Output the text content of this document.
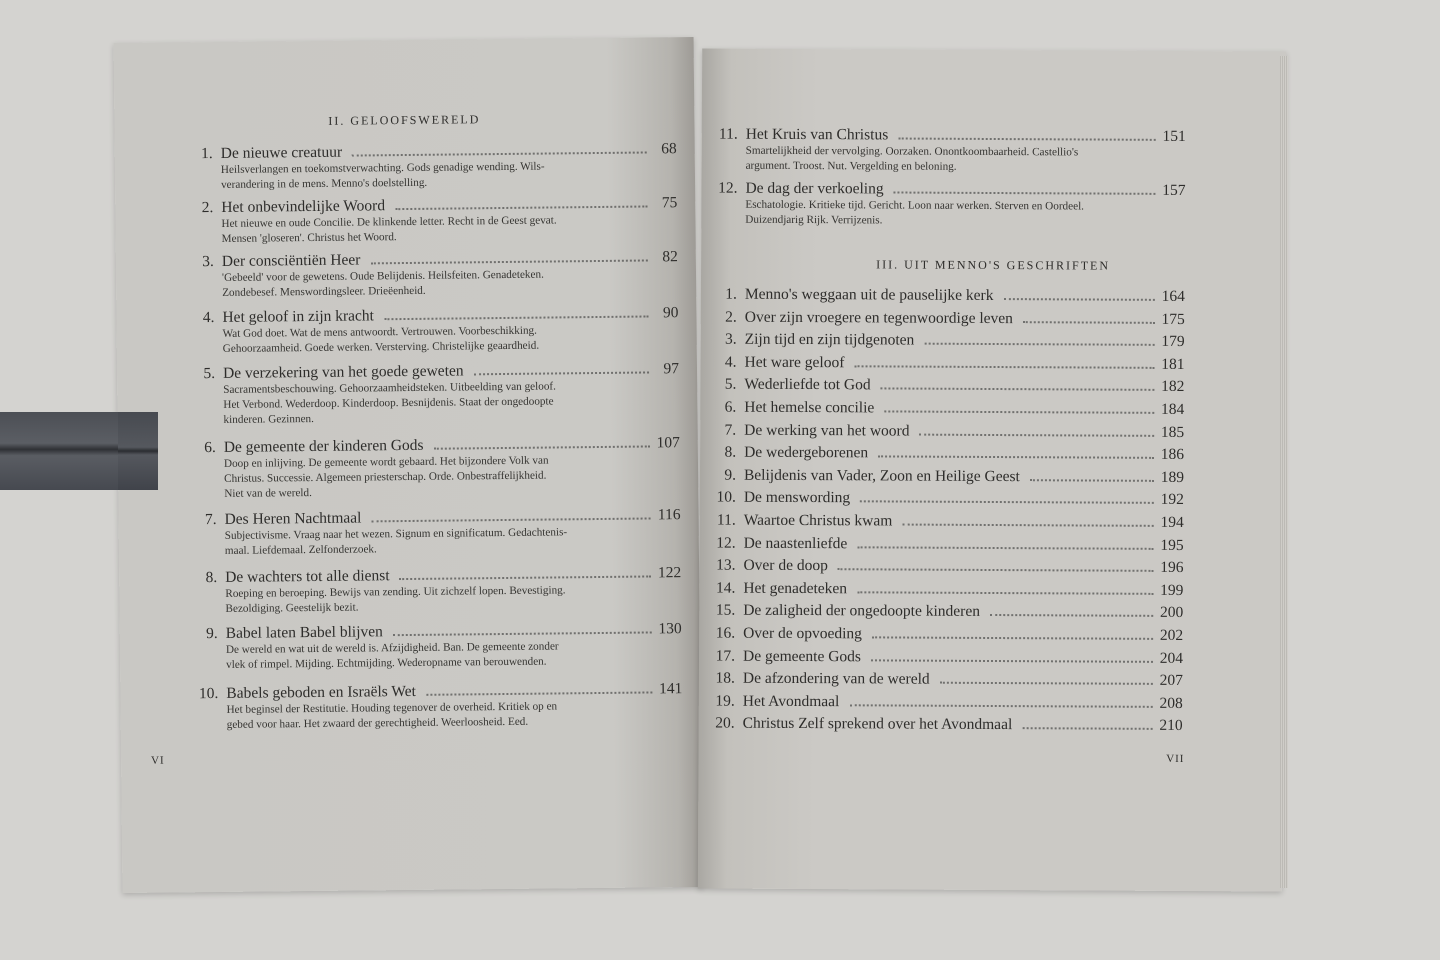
II. GELOOFSWERELD
1. De nieuwe creatuur	68
Heilsverlangen en toekomstverwachting. Gods genadige wending. Wils-
verandering in de mens. Menno's doelstelling.
2. Het onbevindelijke Woord	75
Het nieuwe en oude Concilie. De klinkende letter. Recht in de Geest gevat.
Mensen 'gloseren'. Christus het Woord.
3. Der consciëntiën Heer	82
'Gebeeld' voor de gewetens. Oude Belijdenis. Heilsfeiten. Genadeteken.
Zondebesef. Menswordingsleer. Drieëenheid.
4. Het geloof in zijn kracht	90
Wat God doet. Wat de mens antwoordt. Vertrouwen. Voorbeschikking.
Gehoorzaamheid. Goede werken. Versterving. Christelijke geaardheid.
5. De verzekering van het goede geweten	97
Sacramentsbeschouwing. Gehoorzaamheidsteken. Uitbeelding van geloof.
Het Verbond. Wederdoop. Kinderdoop. Besnijdenis. Staat der ongedoopte
kinderen. Gezinnen.
6. De gemeente der kinderen Gods	107
Doop en inlijving. De gemeente wordt gebaard. Het bijzondere Volk van
Christus. Successie. Algemeen priesterschap. Orde. Onbestraffelijkheid.
Niet van de wereld.
7. Des Heren Nachtmaal	116
Subjectivisme. Vraag naar het wezen. Signum en significatum. Gedachtenis-
maal. Liefdemaal. Zelfonderzoek.
8. De wachters tot alle dienst	122
Roeping en beroeping. Bewijs van zending. Uit zichzelf lopen. Bevestiging.
Bezoldiging. Geestelijk bezit.
9. Babel laten Babel blijven	130
De wereld en wat uit de wereld is. Afzijdigheid. Ban. De gemeente zonder
vlek of rimpel. Mijding. Echtmijding. Wederopname van berouwenden.
10. Babels geboden en Israëls Wet	141
Het beginsel der Restitutie. Houding tegenover de overheid. Kritiek op en
gebed voor haar. Het zwaard der gerechtigheid. Weerloosheid. Eed.
VI
11. Het Kruis van Christus	151
Smartelijkheid der vervolging. Oorzaken. Onontkoombaarheid. Castellio's
argument. Troost. Nut. Vergelding en beloning.
12. De dag der verkoeling	157
Eschatologie. Kritieke tijd. Gericht. Loon naar werken. Sterven en Oordeel.
Duizendjarig Rijk. Verrijzenis.
III. UIT MENNO'S GESCHRIFTEN
1. Menno's weggaan uit de pauselijke kerk	164
2. Over zijn vroegere en tegenwoordige leven	175
3. Zijn tijd en zijn tijdgenoten	179
4. Het ware geloof	181
5. Wederliefde tot God	182
6. Het hemelse concilie	184
7. De werking van het woord	185
8. De wedergeborenen	186
9. Belijdenis van Vader, Zoon en Heilige Geest	189
10. De menswording	192
11. Waartoe Christus kwam	194
12. De naastenliefde	195
13. Over de doop	196
14. Het genadeteken	199
15. De zaligheid der ongedoopte kinderen	200
16. Over de opvoeding	202
17. De gemeente Gods	204
18. De afzondering van de wereld	207
19. Het Avondmaal	208
20. Christus Zelf sprekend over het Avondmaal	210
VII
